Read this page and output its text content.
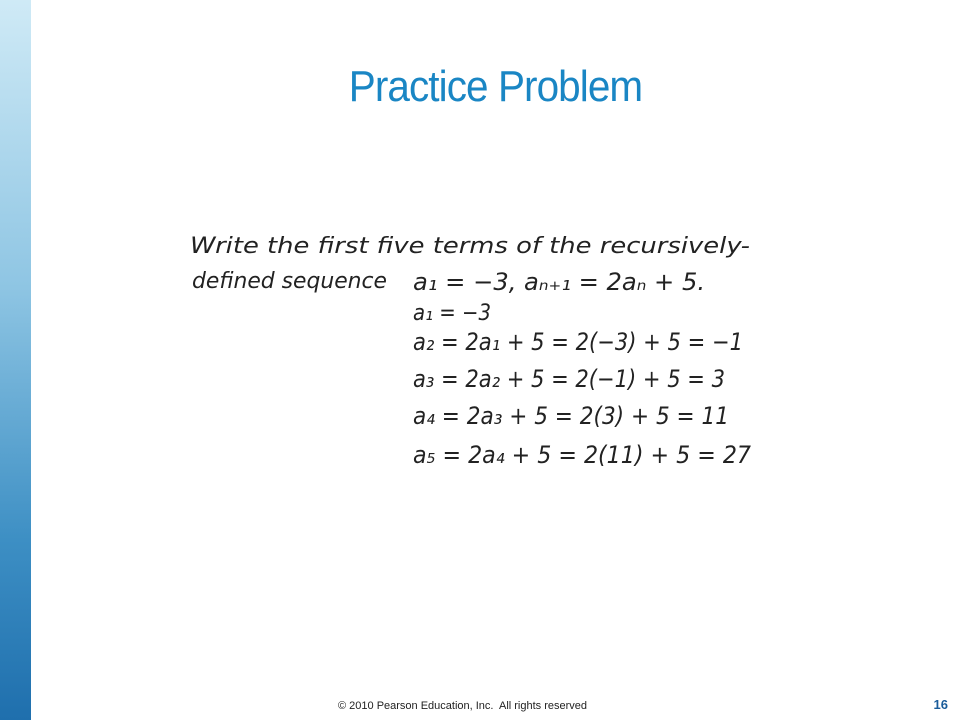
Practice Problem
Write the first five terms of the recursively-
defined sequence a₁ = −3, aₙ₊₁ = 2aₙ + 5.
a₁ = −3
a₂ = 2a₁ + 5 = 2(−3) + 5 = −1
a₃ = 2a₂ + 5 = 2(−1) + 5 = 3
a₄ = 2a₃ + 5 = 2(3) + 5 = 11
a₅ = 2a₄ + 5 = 2(11) + 5 = 27
© 2010 Pearson Education, Inc.  All rights reserved	16
